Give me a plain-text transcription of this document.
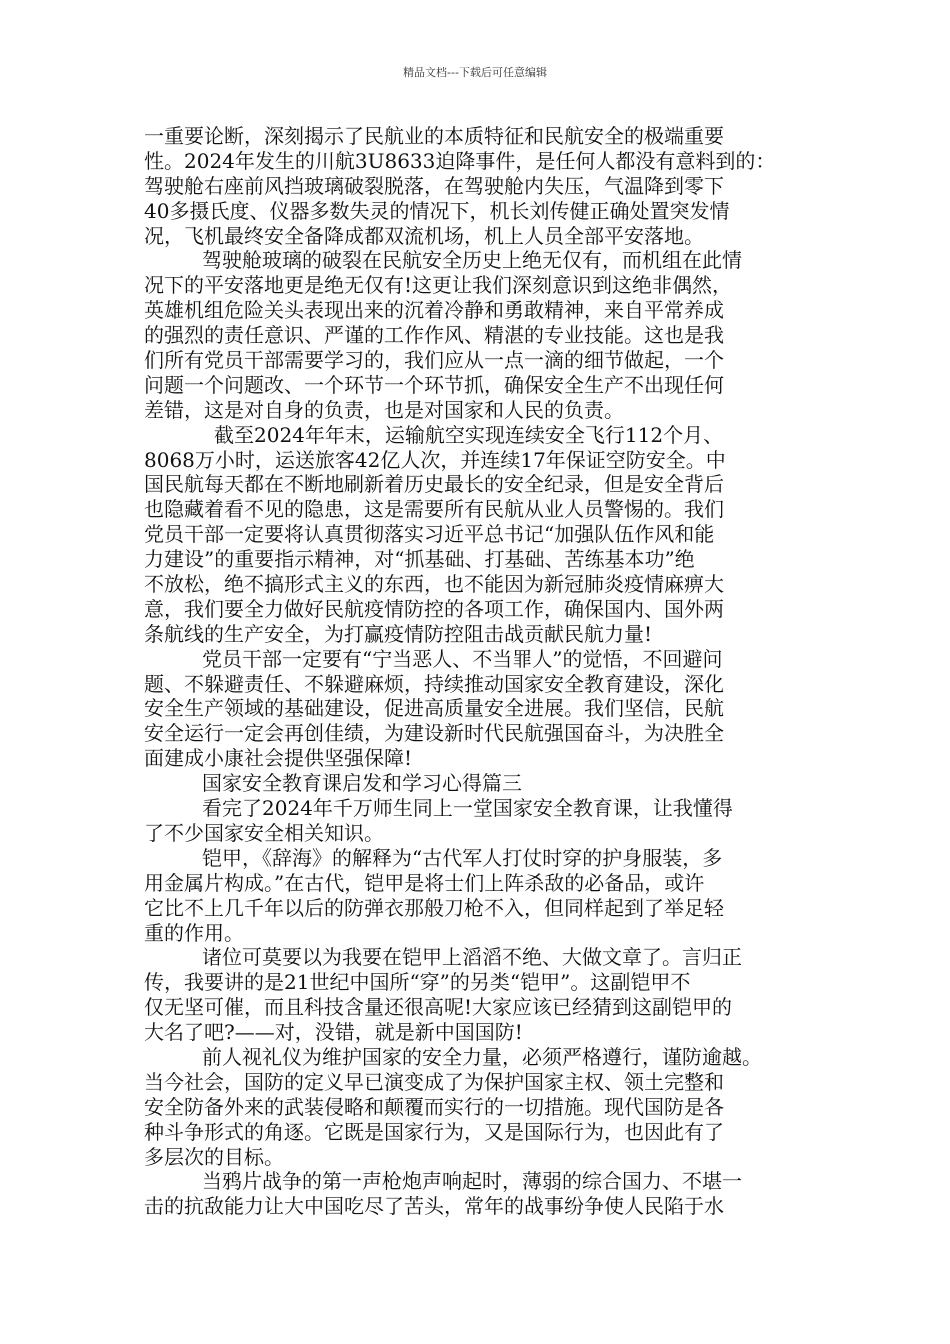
精品文档---下载后可任意编辑
一重要论断，深刻揭示了民航业的本质特征和民航安全的极端重要
性。2024年发生的川航3U8633迫降事件，是任何人都没有意料到的：
驾驶舱右座前风挡玻璃破裂脱落，在驾驶舱内失压，气温降到零下
40多摄氏度、仪器多数失灵的情况下，机长刘传健正确处置突发情
况，飞机最终安全备降成都双流机场，机上人员全部平安落地。
驾驶舱玻璃的破裂在民航安全历史上绝无仅有，而机组在此情
况下的平安落地更是绝无仅有!这更让我们深刻意识到这绝非偶然，
英雄机组危险关头表现出来的沉着冷静和勇敢精神，来自平常养成
的强烈的责任意识、严谨的工作作风、精湛的专业技能。这也是我
们所有党员干部需要学习的，我们应从一点一滴的细节做起，一个
问题一个问题改、一个环节一个环节抓，确保安全生产不出现任何
差错，这是对自身的负责，也是对国家和人民的负责。
截至2024年年末，运输航空实现连续安全飞行112个月、
8068万小时，运送旅客42亿人次，并连续17年保证空防安全。中
国民航每天都在不断地刷新着历史最长的安全纪录，但是安全背后
也隐藏着看不见的隐患，这是需要所有民航从业人员警惕的。我们
党员干部一定要将认真贯彻落实习近平总书记“加强队伍作风和能
力建设”的重要指示精神，对“抓基础、打基础、苦练基本功”绝
不放松，绝不搞形式主义的东西，也不能因为新冠肺炎疫情麻痹大
意，我们要全力做好民航疫情防控的各项工作，确保国内、国外两
条航线的生产安全，为打赢疫情防控阻击战贡献民航力量!
党员干部一定要有“宁当恶人、不当罪人”的觉悟，不回避问
题、不躲避责任、不躲避麻烦，持续推动国家安全教育建设，深化
安全生产领域的基础建设，促进高质量安全进展。我们坚信，民航
安全运行一定会再创佳绩，为建设新时代民航强国奋斗，为决胜全
面建成小康社会提供坚强保障!
国家安全教育课启发和学习心得篇三
看完了2024年千万师生同上一堂国家安全教育课，让我懂得
了不少国家安全相关知识。
铠甲，《辞海》的解释为“古代军人打仗时穿的护身服装，多
用金属片构成。”在古代，铠甲是将士们上阵杀敌的必备品，或许
它比不上几千年以后的防弹衣那般刀枪不入，但同样起到了举足轻
重的作用。
诸位可莫要以为我要在铠甲上滔滔不绝、大做文章了。言归正
传，我要讲的是21世纪中国所“穿”的另类“铠甲”。这副铠甲不
仅无坚可催，而且科技含量还很高呢!大家应该已经猜到这副铠甲的
大名了吧?——对，没错，就是新中国国防!
前人视礼仪为维护国家的安全力量，必须严格遵行，谨防逾越。
当今社会，国防的定义早已演变成了为保护国家主权、领土完整和
安全防备外来的武装侵略和颠覆而实行的一切措施。现代国防是各
种斗争形式的角逐。它既是国家行为，又是国际行为，也因此有了
多层次的目标。
当鸦片战争的第一声枪炮声响起时，薄弱的综合国力、不堪一
击的抗敌能力让大中国吃尽了苦头，常年的战事纷争使人民陷于水
